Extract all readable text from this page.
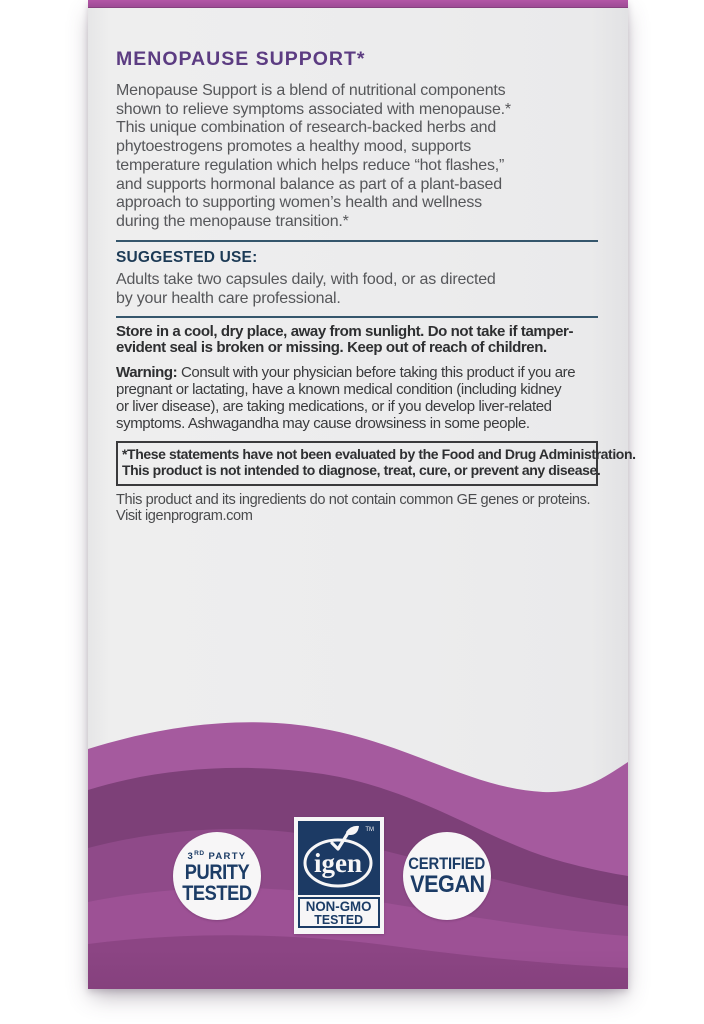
MENOPAUSE SUPPORT*
Menopause Support is a blend of nutritional components
shown to relieve symptoms associated with menopause.*
This unique combination of research-backed herbs and
phytoestrogens promotes a healthy mood, supports
temperature regulation which helps reduce “hot flashes,”
and supports hormonal balance as part of a plant-based
approach to supporting women’s health and wellness
during the menopause transition.*
SUGGESTED USE:
Adults take two capsules daily, with food, or as directed
by your health care professional.
Store in a cool, dry place, away from sunlight. Do not take if tamper-
evident seal is broken or missing. Keep out of reach of children.
Warning: Consult with your physician before taking this product if you are
pregnant or lactating, have a known medical condition (including kidney
or liver disease), are taking medications, or if you develop liver-related
symptoms. Ashwagandha may cause drowsiness in some people.
*These statements have not been evaluated by the Food and Drug Administration.
This product is not intended to diagnose, treat, cure, or prevent any disease.
This product and its ingredients do not contain common GE genes or proteins.
Visit igenprogram.com
3RD PARTY
PURITY
TESTED
igen
TM
NON-GMO
TESTED
CERTIFIED
VEGAN
